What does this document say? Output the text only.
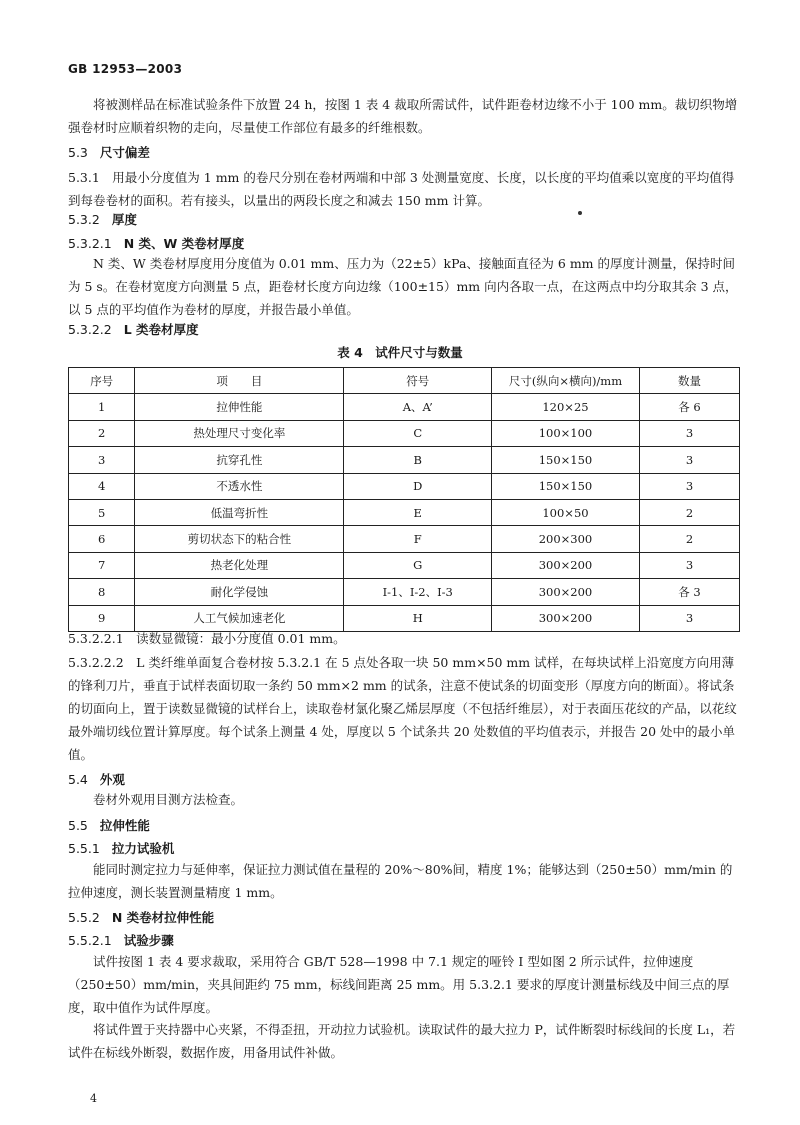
GB 12953—2003

将被测样品在标准试验条件下放置 24 h，按图 1 表 4 裁取所需试件，试件距卷材边缘不小于 100 mm。裁切织物增强卷材时应顺着织物的走向，尽量使工作部位有最多的纤维根数。

5.3 尺寸偏差

5.3.1　用最小分度值为 1 mm 的卷尺分别在卷材两端和中部 3 处测量宽度、长度，以长度的平均值乘以宽度的平均值得到每卷卷材的面积。若有接头，以量出的两段长度之和减去 150 mm 计算。

5.3.2 厚度
5.3.2.1 N 类、W 类卷材厚度

N 类、W 类卷材厚度用分度值为 0.01 mm、压力为（22±5）kPa、接触面直径为 6 mm 的厚度计测量，保持时间为 5 s。在卷材宽度方向测量 5 点，距卷材长度方向边缘（100±15）mm 向内各取一点，在这两点中均分取其余 3 点，以 5 点的平均值作为卷材的厚度，并报告最小单值。

5.3.2.2 L 类卷材厚度
表 4　试件尺寸与数量
序号	项　　目	符号	尺寸(纵向×横向)/mm	数量
1	拉伸性能	A、A’	120×25	各 6
2	热处理尺寸变化率	C	100×100	3
3	抗穿孔性	B	150×150	3
4	不透水性	D	150×150	3
5	低温弯折性	E	100×50	2
6	剪切状态下的粘合性	F	200×300	2
7	热老化处理	G	300×200	3
8	耐化学侵蚀	I-1、I-2、I-3	300×200	各 3
9	人工气候加速老化	H	300×200	3

5.3.2.2.1　读数显微镜：最小分度值 0.01 mm。

5.3.2.2.2　L 类纤维单面复合卷材按 5.3.2.1 在 5 点处各取一块 50 mm×50 mm 试样，在每块试样上沿宽度方向用薄的锋利刀片，垂直于试样表面切取一条约 50 mm×2 mm 的试条，注意不使试条的切面变形（厚度方向的断面）。将试条的切面向上，置于读数显微镜的试样台上，读取卷材氯化聚乙烯层厚度（不包括纤维层），对于表面压花纹的产品，以花纹最外端切线位置计算厚度。每个试条上测量 4 处，厚度以 5 个试条共 20 处数值的平均值表示，并报告 20 处中的最小单值。

5.4 外观

卷材外观用目测方法检查。

5.5 拉伸性能
5.5.1 拉力试验机

能同时测定拉力与延伸率，保证拉力测试值在量程的 20%～80%间，精度 1%；能够达到（250±50）mm/min 的拉伸速度，测长装置测量精度 1 mm。

5.5.2 N 类卷材拉伸性能
5.5.2.1 试验步骤

试件按图 1 表 4 要求裁取，采用符合 GB/T 528—1998 中 7.1 规定的哑铃 I 型如图 2 所示试件，拉伸速度（250±50）mm/min，夹具间距约 75 mm，标线间距离 25 mm。用 5.3.2.1 要求的厚度计测量标线及中间三点的厚度，取中值作为试件厚度。

将试件置于夹持器中心夹紧，不得歪扭，开动拉力试验机。读取试件的最大拉力 P，试件断裂时标线间的长度 L₁，若试件在标线外断裂，数据作废，用备用试件补做。

4
